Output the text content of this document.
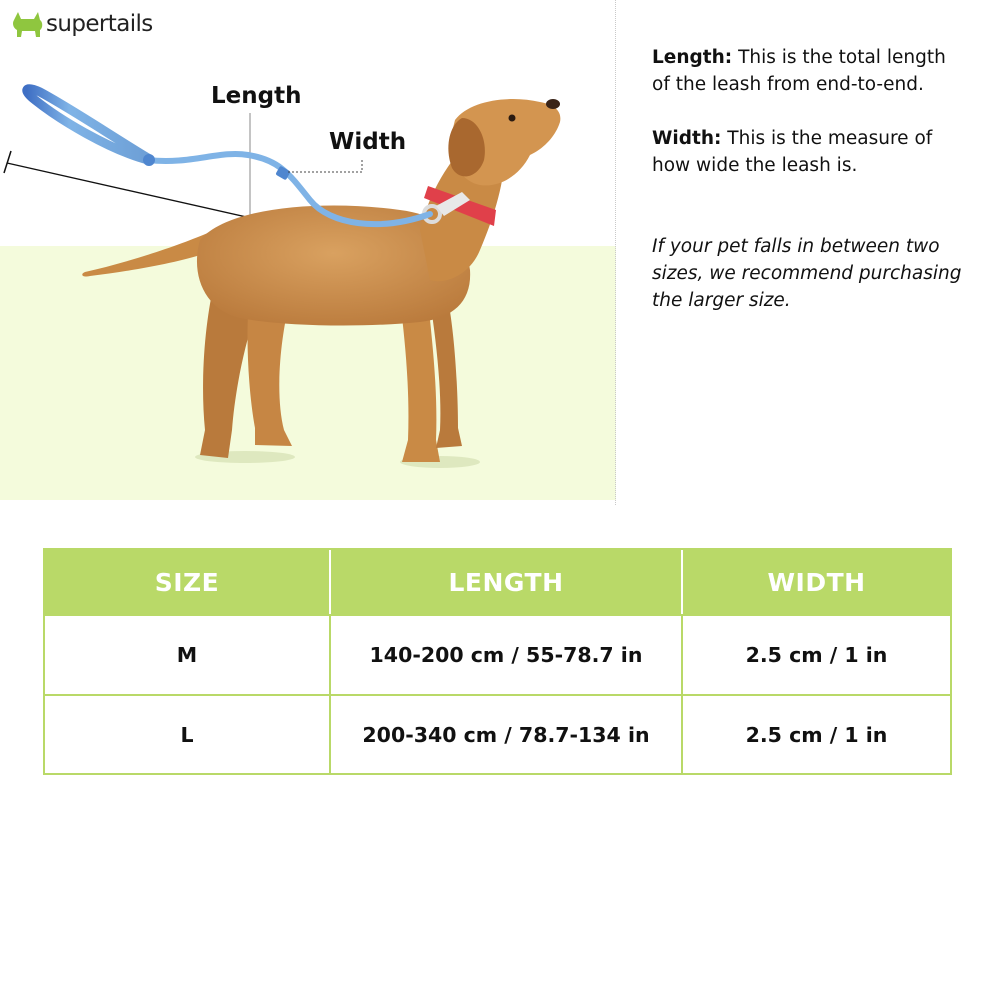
supertails
Length
Width

Length: This is the total length of the leash from end-to-end.

Width: This is the measure of how wide the leash is.

If your pet falls in between two sizes, we recommend purchasing the larger size.

SIZE	LENGTH	WIDTH
M	140-200 cm / 55-78.7 in	2.5 cm / 1 in
L	200-340 cm / 78.7-134 in	2.5 cm / 1 in
